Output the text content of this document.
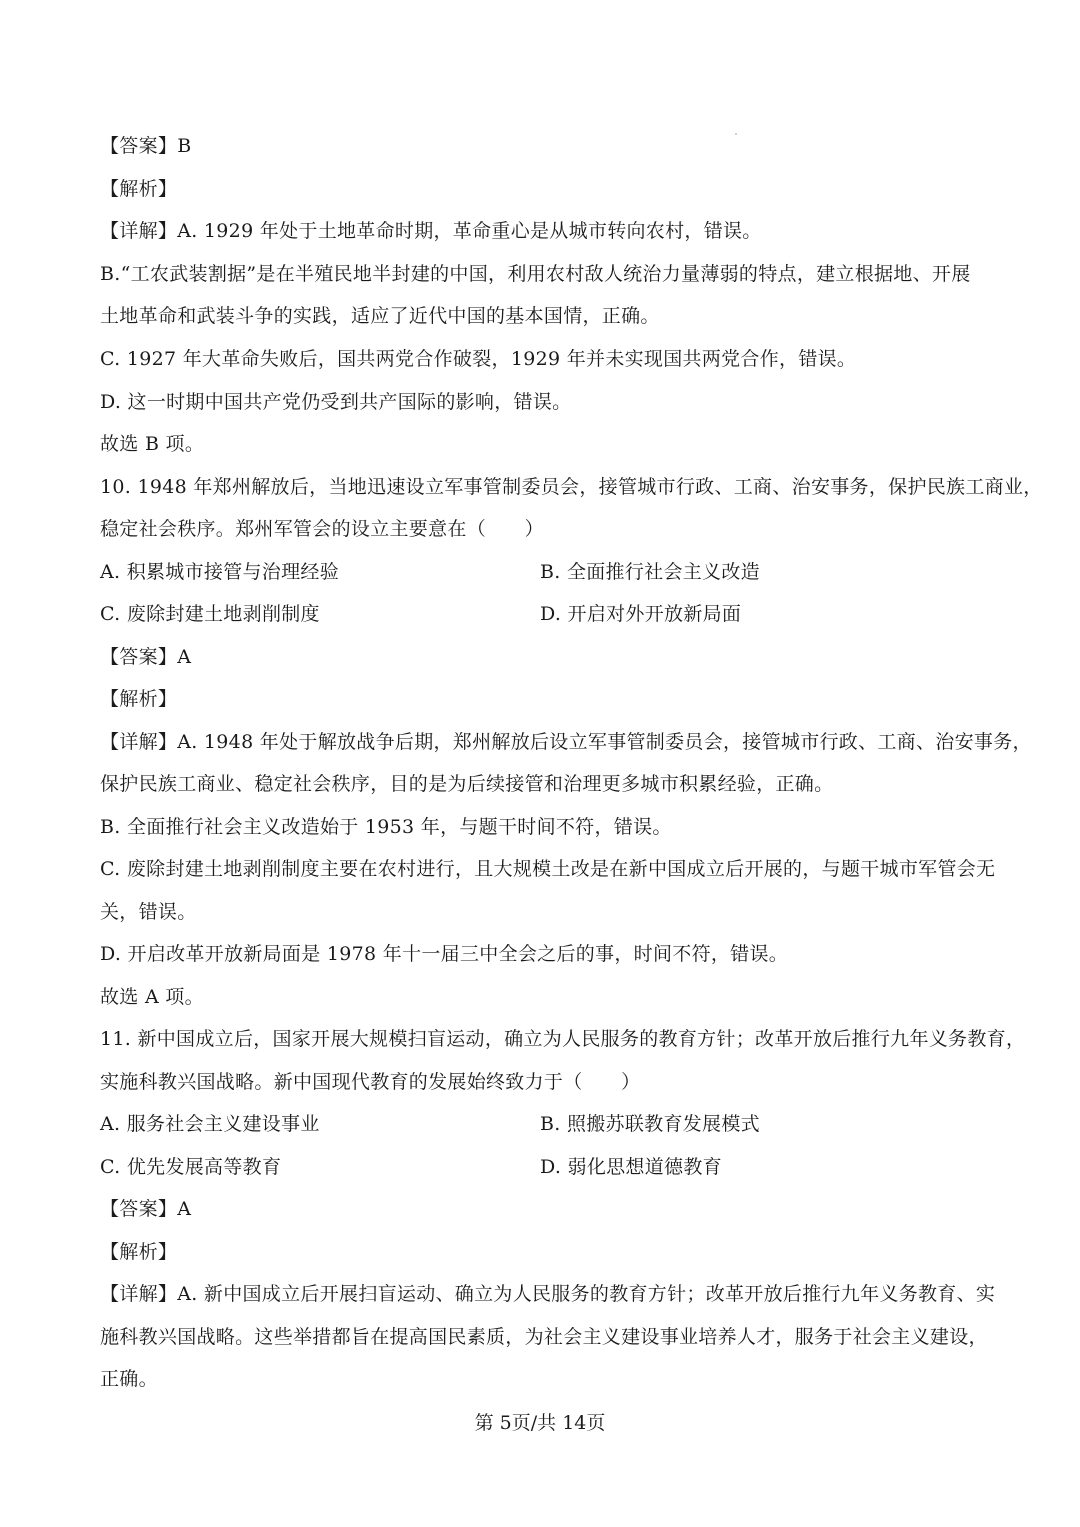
【答案】B
【解析】
【详解】A. 1929 年处于土地革命时期，革命重心是从城市转向农村，错误。
B.“工农武装割据”是在半殖民地半封建的中国，利用农村敌人统治力量薄弱的特点，建立根据地、开展
土地革命和武装斗争的实践，适应了近代中国的基本国情，正确。
C. 1927 年大革命失败后，国共两党合作破裂，1929 年并未实现国共两党合作，错误。
D. 这一时期中国共产党仍受到共产国际的影响，错误。
故选 B 项。
10. 1948 年郑州解放后，当地迅速设立军事管制委员会，接管城市行政、工商、治安事务，保护民族工商业，
稳定社会秩序。郑州军管会的设立主要意在（　　）
A. 积累城市接管与治理经验	B. 全面推行社会主义改造
C. 废除封建土地剥削制度	D. 开启对外开放新局面
【答案】A
【解析】
【详解】A. 1948 年处于解放战争后期，郑州解放后设立军事管制委员会，接管城市行政、工商、治安事务，
保护民族工商业、稳定社会秩序，目的是为后续接管和治理更多城市积累经验，正确。
B. 全面推行社会主义改造始于 1953 年，与题干时间不符，错误。
C. 废除封建土地剥削制度主要在农村进行，且大规模土改是在新中国成立后开展的，与题干城市军管会无
关，错误。
D. 开启改革开放新局面是 1978 年十一届三中全会之后的事，时间不符，错误。
故选 A 项。
11. 新中国成立后，国家开展大规模扫盲运动，确立为人民服务的教育方针；改革开放后推行九年义务教育，
实施科教兴国战略。新中国现代教育的发展始终致力于（　　）
A. 服务社会主义建设事业	B. 照搬苏联教育发展模式
C. 优先发展高等教育	D. 弱化思想道德教育
【答案】A
【解析】
【详解】A. 新中国成立后开展扫盲运动、确立为人民服务的教育方针；改革开放后推行九年义务教育、实
施科教兴国战略。这些举措都旨在提高国民素质，为社会主义建设事业培养人才，服务于社会主义建设，
正确。
第 5页/共 14页
